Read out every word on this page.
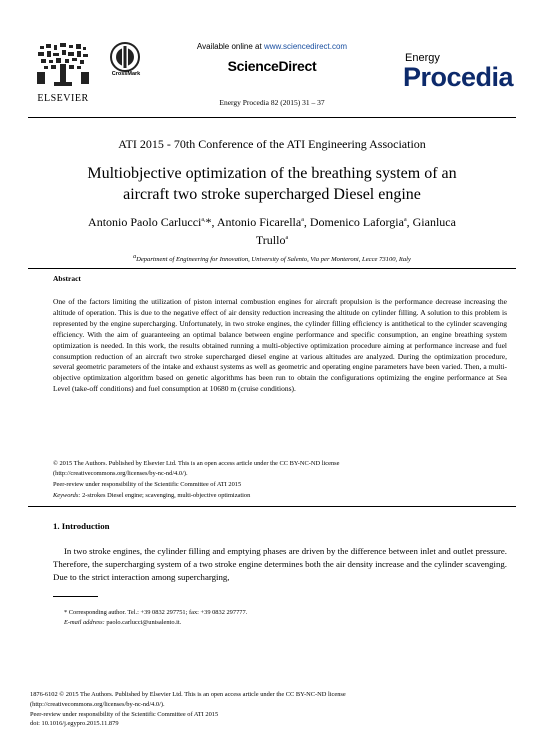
Available online at www.sciencedirect.com
ScienceDirect
Energy Procedia 82 (2015) 31 – 37
ELSEVIER
CrossMark
Energy
Procedia
ATI 2015 - 70th Conference of the ATI Engineering Association
Multiobjective optimization of the breathing system of an
aircraft two stroke supercharged Diesel engine
Antonio Paolo Carlucci$^{a,}$*, Antonio Ficarella$^a$, Domenico Laforgia$^a$, Gianluca
Trullo$^a$
$^a$Department of Engineering for Innovation, University of Salento, Via per Monteroni, Lecce 73100, Italy
Abstract
One of the factors limiting the utilization of piston internal combustion engines for aircraft propulsion is the performance decrease increasing the altitude of operation. This is due to the negative effect of air density reduction increasing the altitude on cylinder filling. A solution to this problem is represented by the engine supercharging. Unfortunately, in two stroke engines, the cylinder filling efficiency is antithetical to the cylinder scavenging efficiency. With the aim of guaranteeing an optimal balance between engine performance and specific consumption, an engine breathing system optimization is needed. In this work, the results obtained running a multi-objective optimization procedure aiming at performance increase and fuel consumption reduction of an aircraft two stroke supercharged diesel engine at various altitudes are analyzed. During the optimization procedure, several geometric parameters of the intake and exhaust systems as well as geometric and operating engine parameters have been varied. Then, a multi-objective optimization algorithm based on genetic algorithms has been run to obtain the configurations optimizing the engine performance at Sea Level (take-off conditions) and fuel consumption at 10680 m (cruise conditions).
© 2015 The Authors. Published by Elsevier Ltd. This is an open access article under the CC BY-NC-ND license
(http://creativecommons.org/licenses/by-nc-nd/4.0/).
Peer-review under responsibility of the Scientific Committee of ATI 2015
Keywords: 2-strokes Diesel engine; scavenging, multi-objective optimization
1. Introduction
In two stroke engines, the cylinder filling and emptying phases are driven by the difference between inlet and outlet pressure. Therefore, the supercharging system of a two stroke engine determines both the air density increase and the cylinder scavenging. Due to the strict interaction among supercharging,
* Corresponding author. Tel.: +39 0832 297751; fax: +39 0832 297777.
E-mail address: paolo.carlucci@unisalento.it.
1876-6102 © 2015 The Authors. Published by Elsevier Ltd. This is an open access article under the CC BY-NC-ND license
(http://creativecommons.org/licenses/by-nc-nd/4.0/).
Peer-review under responsibility of the Scientific Committee of ATI 2015
doi: 10.1016/j.egypro.2015.11.879
